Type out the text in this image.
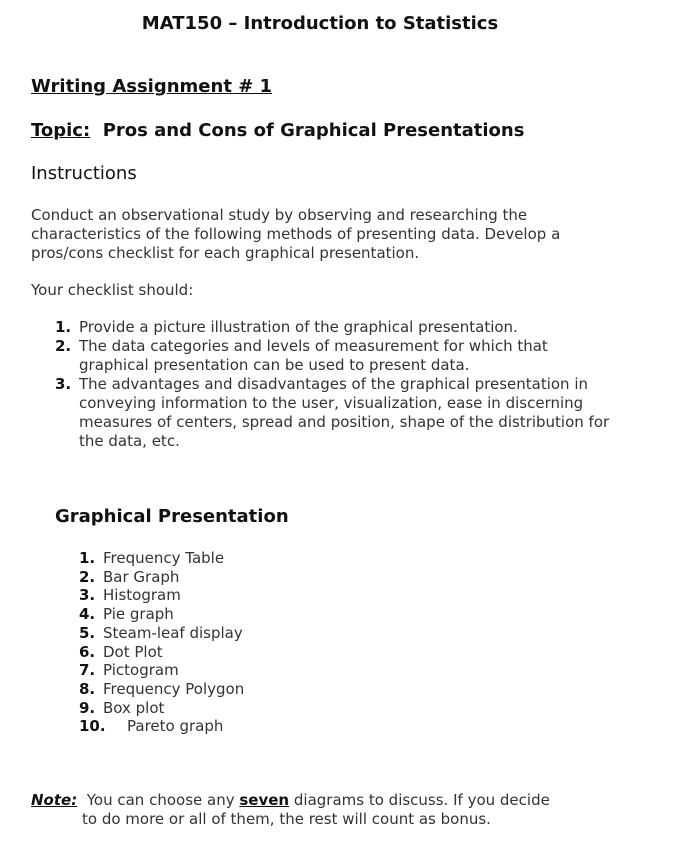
MAT150 – Introduction to Statistics
Writing Assignment # 1
Topic: Pros and Cons of Graphical Presentations
Instructions
Conduct an observational study by observing and researching the characteristics of the following methods of presenting data. Develop a pros/cons checklist for each graphical presentation.
Your checklist should:
1. Provide a picture illustration of the graphical presentation.
2. The data categories and levels of measurement for which that graphical presentation can be used to present data.
3. The advantages and disadvantages of the graphical presentation in conveying information to the user, visualization, ease in discerning measures of centers, spread and position, shape of the distribution for the data, etc.
Graphical Presentation
1. Frequency Table
2. Bar Graph
3. Histogram
4. Pie graph
5. Steam-leaf display
6. Dot Plot
7. Pictogram
8. Frequency Polygon
9. Box plot
10. Pareto graph
Note: You can choose any seven diagrams to discuss. If you decide
to do more or all of them, the rest will count as bonus.
